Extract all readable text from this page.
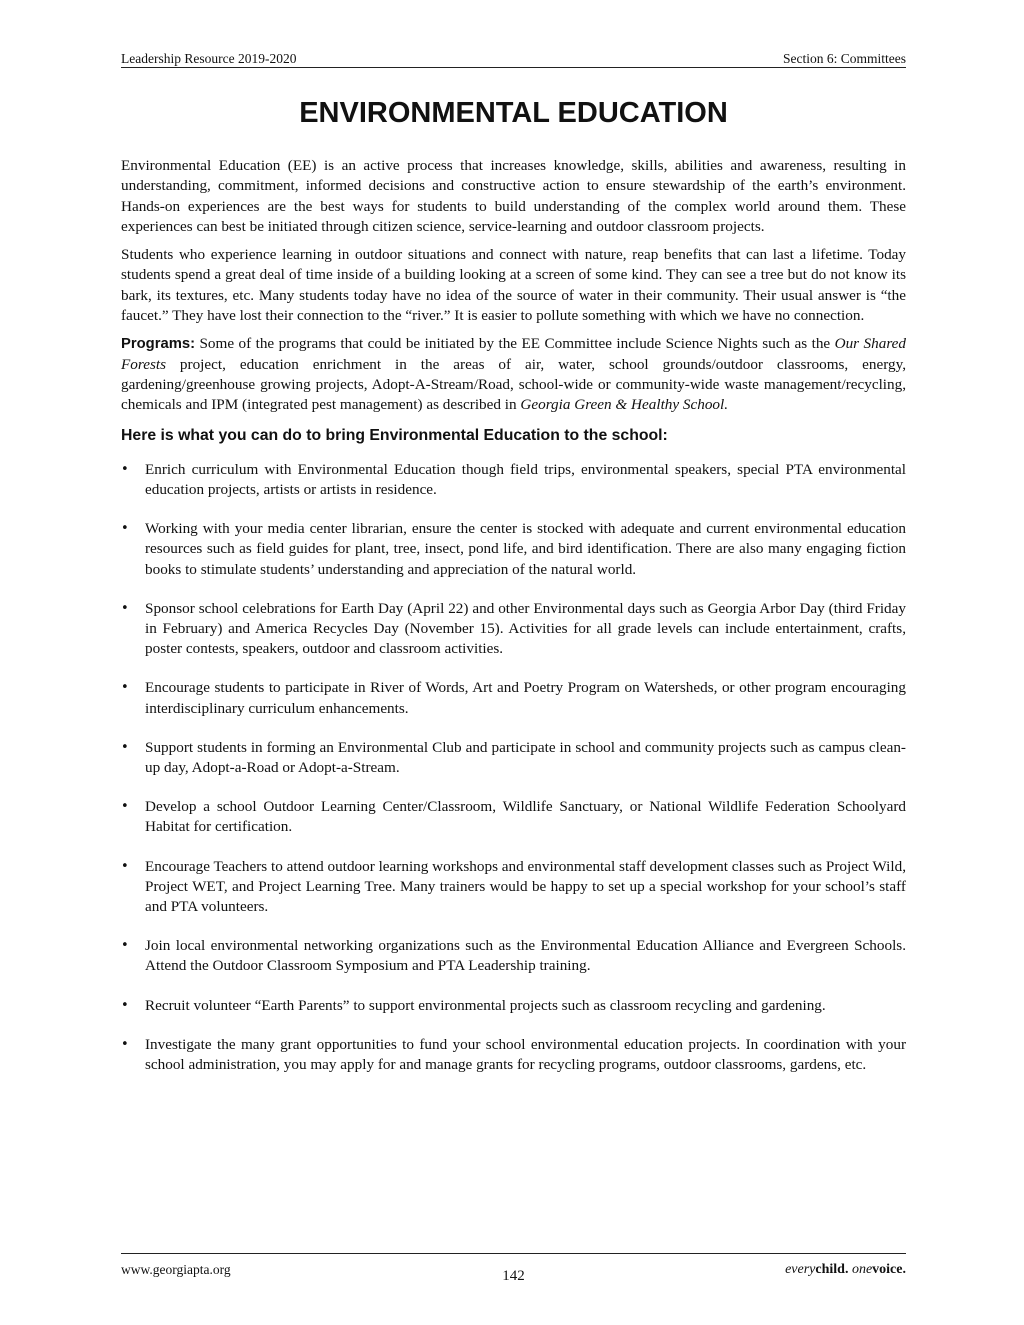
Leadership Resource 2019-2020	Section 6: Committees
ENVIRONMENTAL EDUCATION

Environmental Education (EE) is an active process that increases knowledge, skills, abilities and awareness, resulting in understanding, commitment, informed decisions and constructive action to ensure stewardship of the earth’s environment. Hands-on experiences are the best ways for students to build understanding of the complex world around them. These experiences can best be initiated through citizen science, service-learning and outdoor classroom projects.

Students who experience learning in outdoor situations and connect with nature, reap benefits that can last a lifetime. Today students spend a great deal of time inside of a building looking at a screen of some kind. They can see a tree but do not know its bark, its textures, etc. Many students today have no idea of the source of water in their community. Their usual answer is “the faucet.” They have lost their connection to the “river.” It is easier to pollute something with which we have no connection.

Programs: Some of the programs that could be initiated by the EE Committee include Science Nights such as the Our Shared Forests project, education enrichment in the areas of air, water, school grounds/outdoor classrooms, energy, gardening/greenhouse growing projects, Adopt-A-Stream/Road, school-wide or community-wide waste management/recycling, chemicals and IPM (integrated pest management) as described in Georgia Green & Healthy School.

Here is what you can do to bring Environmental Education to the school:
•	Enrich curriculum with Environmental Education though field trips, environmental speakers, special PTA environmental education projects, artists or artists in residence.
•	Working with your media center librarian, ensure the center is stocked with adequate and current environmental education resources such as field guides for plant, tree, insect, pond life, and bird identification. There are also many engaging fiction books to stimulate students’ understanding and appreciation of the natural world.
•	Sponsor school celebrations for Earth Day (April 22) and other Environmental days such as Georgia Arbor Day (third Friday in February) and America Recycles Day (November 15). Activities for all grade levels can include entertainment, crafts, poster contests, speakers, outdoor and classroom activities.
•	Encourage students to participate in River of Words, Art and Poetry Program on Watersheds, or other program encouraging interdisciplinary curriculum enhancements.
•	Support students in forming an Environmental Club and participate in school and community projects such as campus clean-up day, Adopt-a-Road or Adopt-a-Stream.
•	Develop a school Outdoor Learning Center/Classroom, Wildlife Sanctuary, or National Wildlife Federation Schoolyard Habitat for certification.
•	Encourage Teachers to attend outdoor learning workshops and environmental staff development classes such as Project Wild, Project WET, and Project Learning Tree. Many trainers would be happy to set up a special workshop for your school’s staff and PTA volunteers.
•	Join local environmental networking organizations such as the Environmental Education Alliance and Evergreen Schools. Attend the Outdoor Classroom Symposium and PTA Leadership training.
•	Recruit volunteer “Earth Parents” to support environmental projects such as classroom recycling and gardening.
•	Investigate the many grant opportunities to fund your school environmental education projects. In coordination with your school administration, you may apply for and manage grants for recycling programs, outdoor classrooms, gardens, etc.
www.georgiapta.org	142	everychild. onevoice.
